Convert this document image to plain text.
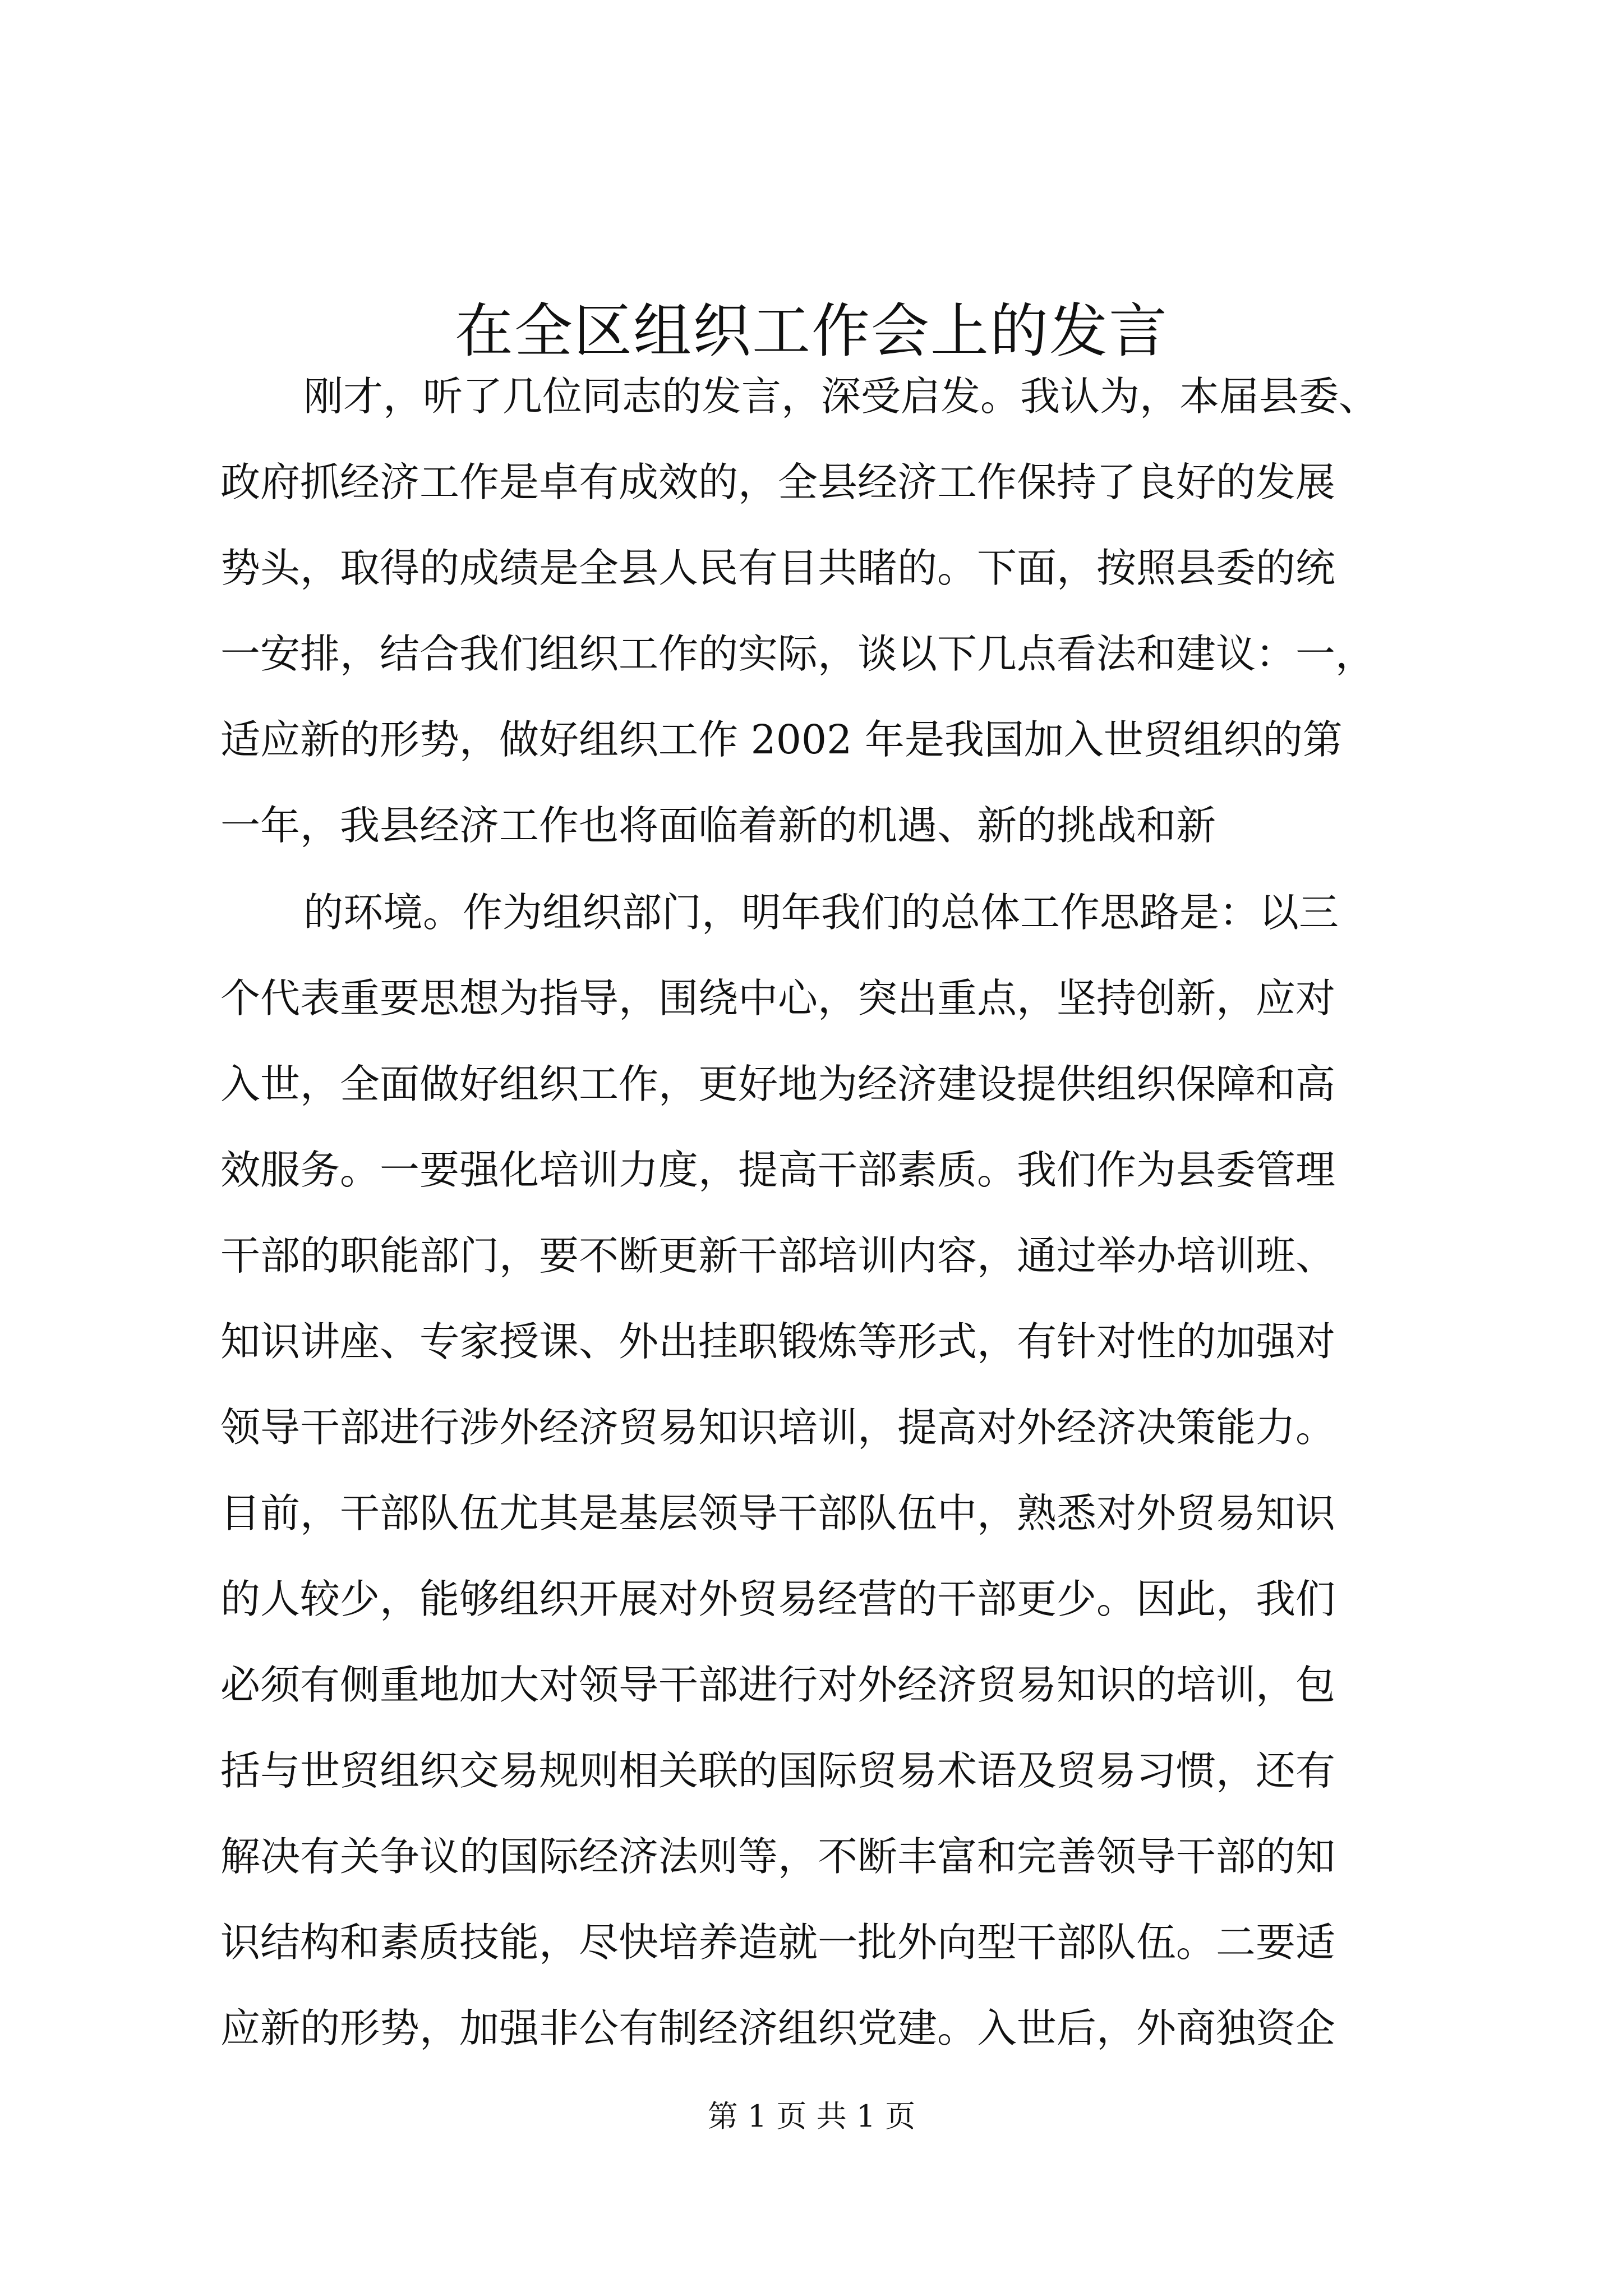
在全区组织工作会上的发言
刚才，听了几位同志的发言，深受启发。我认为，本届县委、
政府抓经济工作是卓有成效的，全县经济工作保持了良好的发展
势头，取得的成绩是全县人民有目共睹的。下面，按照县委的统
一安排，结合我们组织工作的实际，谈以下几点看法和建议：一，
适应新的形势，做好组织工作 2002 年是我国加入世贸组织的第
一年，我县经济工作也将面临着新的机遇、新的挑战和新
的环境。作为组织部门，明年我们的总体工作思路是：以三
个代表重要思想为指导，围绕中心，突出重点，坚持创新，应对
入世，全面做好组织工作，更好地为经济建设提供组织保障和高
效服务。一要强化培训力度，提高干部素质。我们作为县委管理
干部的职能部门，要不断更新干部培训内容，通过举办培训班、
知识讲座、专家授课、外出挂职锻炼等形式，有针对性的加强对
领导干部进行涉外经济贸易知识培训，提高对外经济决策能力。
目前，干部队伍尤其是基层领导干部队伍中，熟悉对外贸易知识
的人较少，能够组织开展对外贸易经营的干部更少。因此，我们
必须有侧重地加大对领导干部进行对外经济贸易知识的培训，包
括与世贸组织交易规则相关联的国际贸易术语及贸易习惯，还有
解决有关争议的国际经济法则等，不断丰富和完善领导干部的知
识结构和素质技能，尽快培养造就一批外向型干部队伍。二要适
应新的形势，加强非公有制经济组织党建。入世后，外商独资企
第 1 页 共 1 页
